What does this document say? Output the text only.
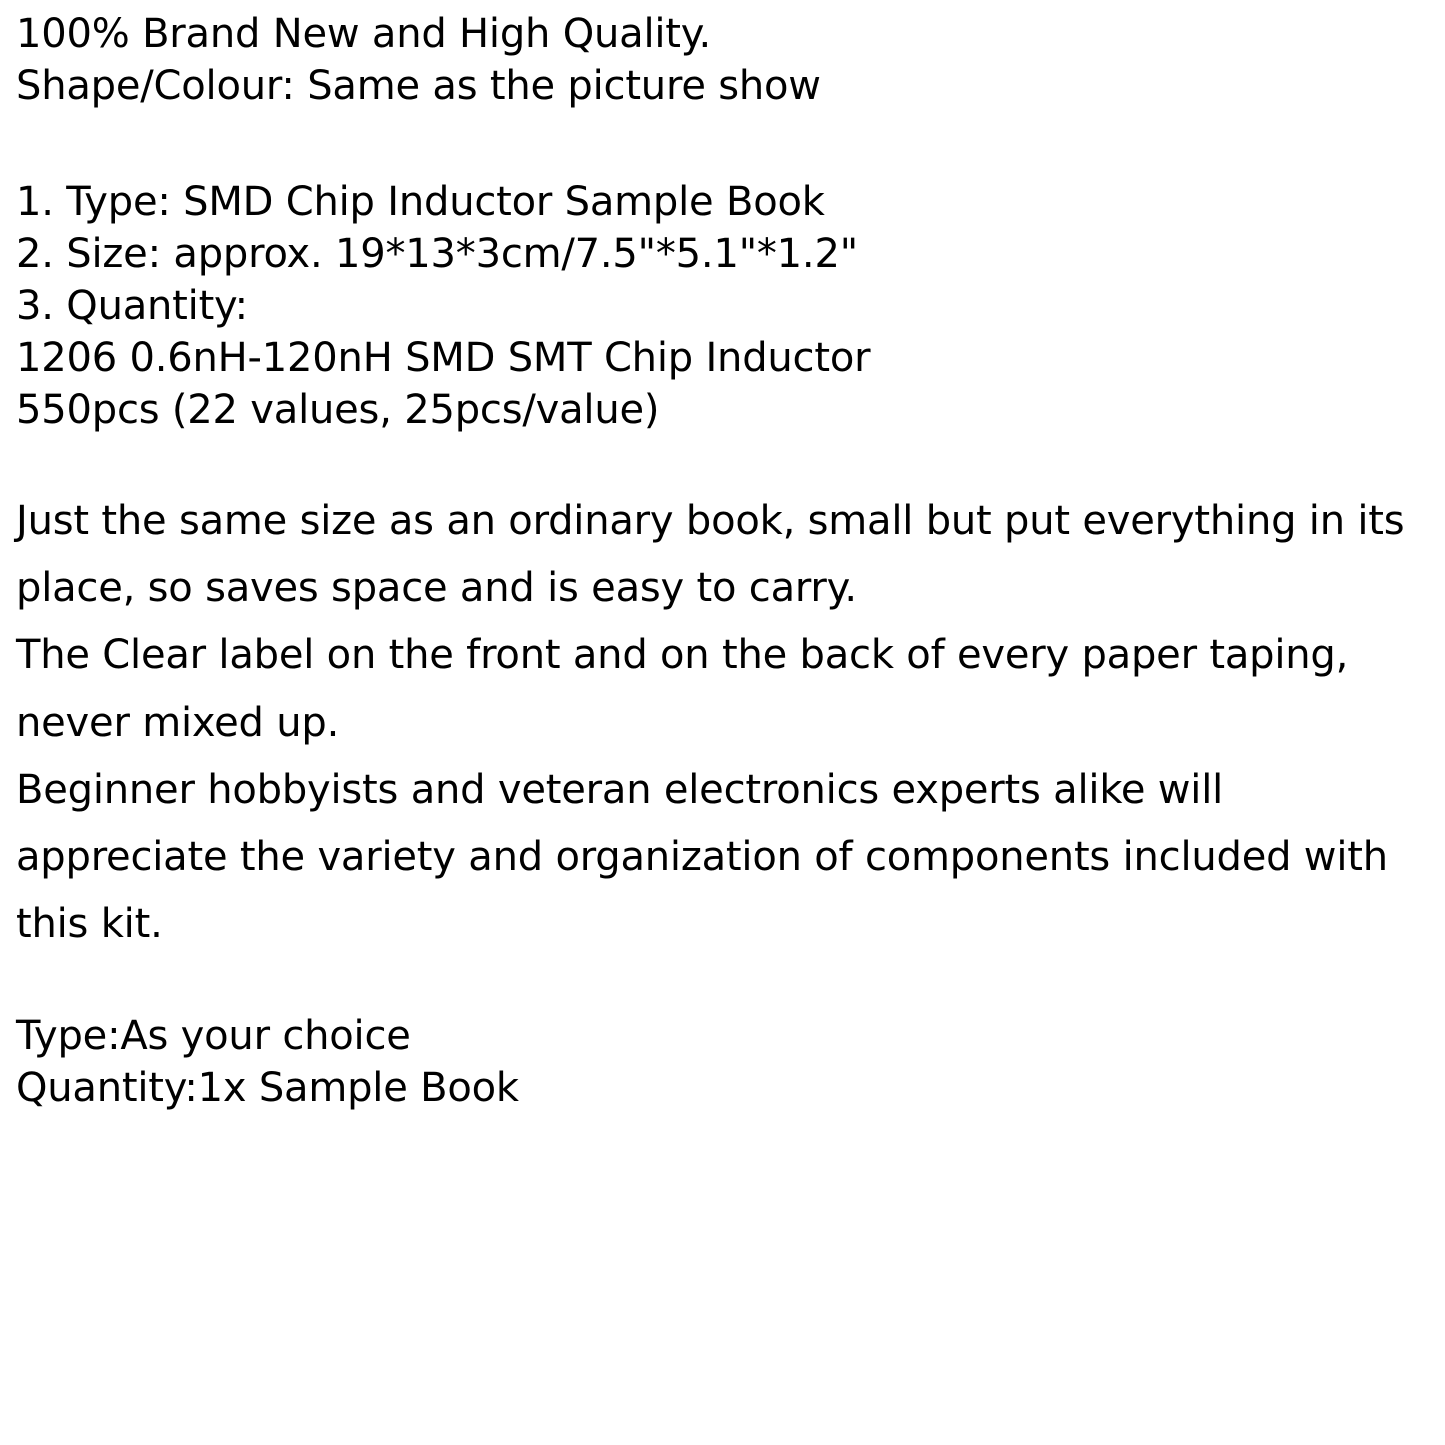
100% Brand New and High Quality.
Shape/Colour: Same as the picture show
1. Type: SMD Chip Inductor Sample Book
2. Size: approx. 19*13*3cm/7.5"*5.1"*1.2"
3. Quantity:
1206 0.6nH-120nH SMD SMT Chip Inductor
550pcs (22 values, 25pcs/value)
Just the same size as an ordinary book, small but put everything in its place, so saves space and is easy to carry.
The Clear label on the front and on the back of every paper taping, never mixed up.
Beginner hobbyists and veteran electronics experts alike will appreciate the variety and organization of components included with this kit.
Type:As your choice
Quantity:1x Sample Book
